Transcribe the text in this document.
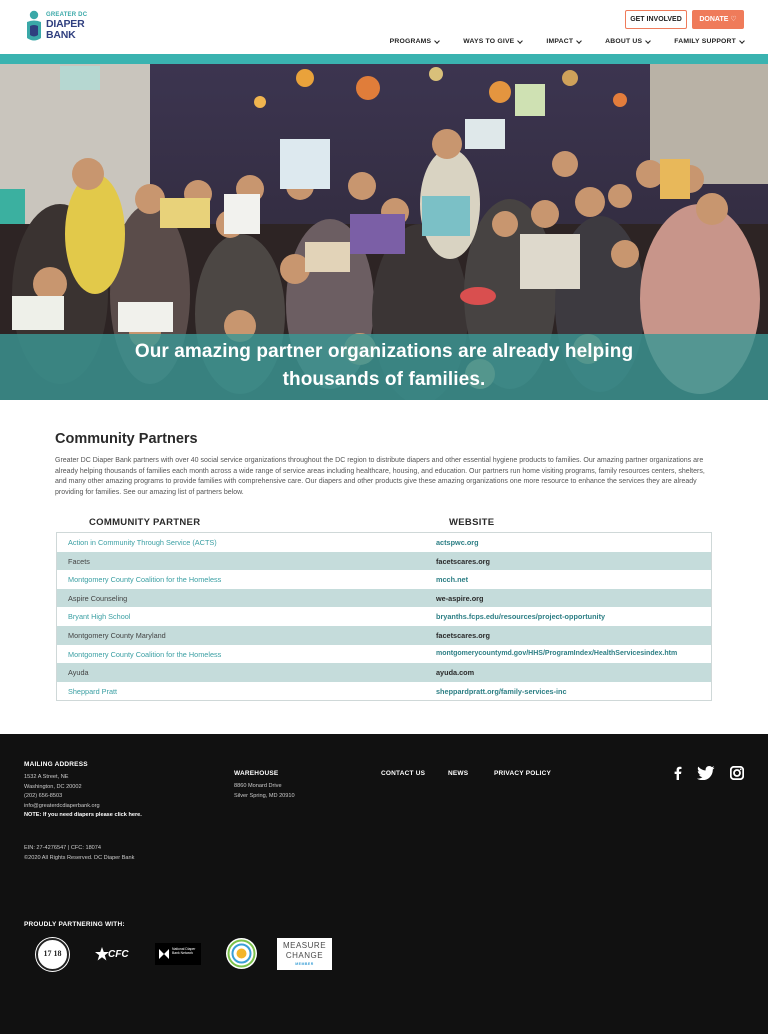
GREATER DC
DIAPER
BANK
GET INVOLVED	DONATE ♡
PROGRAMS	WAYS TO GIVE	IMPACT	ABOUT US	FAMILY SUPPORT
Our amazing partner organizations are already helping
thousands of families.
Community Partners
Greater DC Diaper Bank partners with over 40 social service organizations throughout the DC region to distribute diapers and other essential hygiene products to families. Our amazing partner organizations are already helping thousands of families each month across a wide range of service areas including healthcare, housing, and education. Our partners run home visiting programs, family resources centers, shelters, and many other amazing programs to provide families with comprehensive care. Our diapers and other products give these amazing organizations one more resource to enhance the services they are already providing for families. See our amazing list of partners below.
COMMUNITY PARTNER	WEBSITE
Action in Community Through Service (ACTS)	actspwc.org
Facets	facetscares.org
Montgomery County Coalition for the Homeless	mcch.net
Aspire Counseling	we-aspire.org
Bryant High School	bryanths.fcps.edu/resources/project-opportunity
Montgomery County Maryland	facetscares.org
Montgomery County Coalition for the Homeless	montgomerycountymd.gov/HHS/ProgramIndex/HealthServicesindex.htm
Ayuda	ayuda.com
Sheppard Pratt	sheppardpratt.org/family-services-inc
MAILING ADDRESS
1532 A Street, NE
Washington, DC 20002
(202) 656-8503
info@greaterdcdiaperbank.org
NOTE: If you need diapers please click here.
EIN: 27-4276547 | CFC: 18074
©2020 All Rights Reserved. DC Diaper Bank
WAREHOUSE
8860 Monard Drive
Silver Spring, MD 20910
CONTACT US	NEWS	PRIVACY POLICY
PROUDLY PARTNERING WITH:
17 18	CFC	National Diaper Bank Network
MEASURE
CHANGE
MEMBER
